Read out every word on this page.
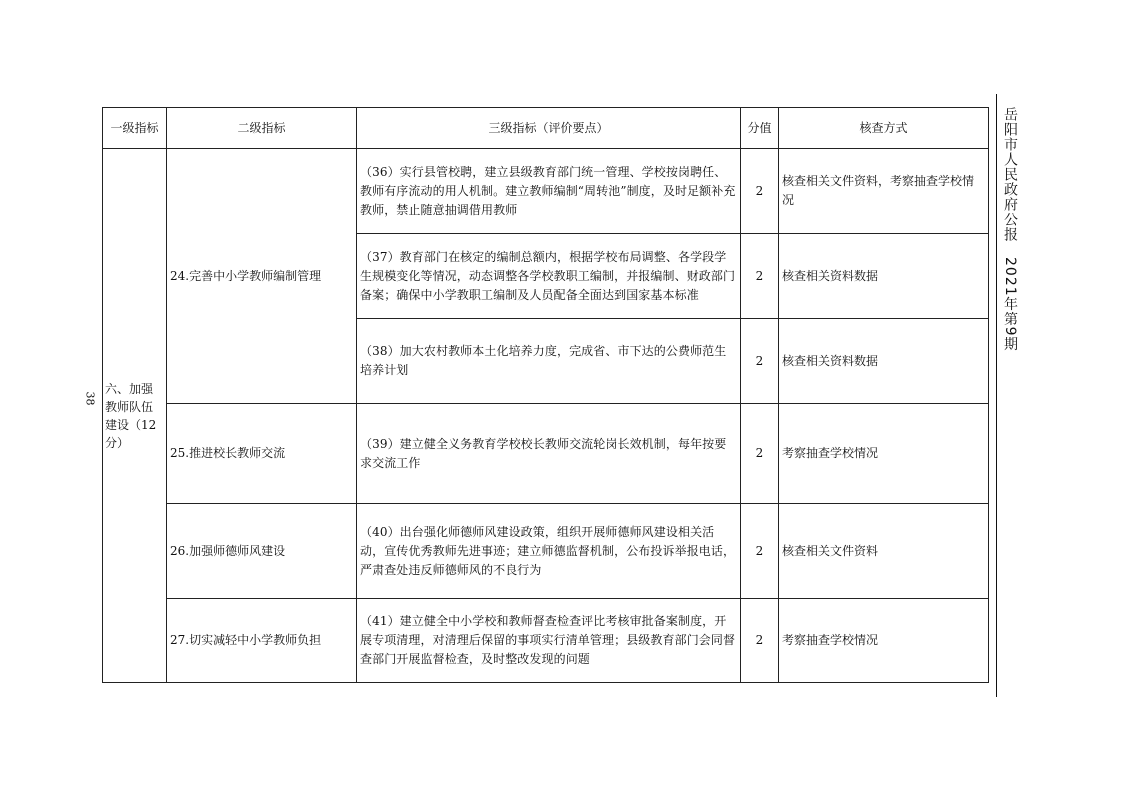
38
一级指标	二级指标	三级指标（评价要点）	分值	核查方式
六、加强教师队伍建设（12分）	24.完善中小学教师编制管理	（36）实行县管校聘，建立县级教育部门统一管理、学校按岗聘任、教师有序流动的用人机制。建立教师编制“周转池”制度，及时足额补充教师，禁止随意抽调借用教师	2	核查相关文件资料，考察抽查学校情况
		（37）教育部门在核定的编制总额内，根据学校布局调整、各学段学生规模变化等情况，动态调整各学校教职工编制，并报编制、财政部门备案；确保中小学教职工编制及人员配备全面达到国家基本标准	2	核查相关资料数据
		（38）加大农村教师本土化培养力度，完成省、市下达的公费师范生培养计划	2	核查相关资料数据
	25.推进校长教师交流	（39）建立健全义务教育学校校长教师交流轮岗长效机制，每年按要求交流工作	2	考察抽查学校情况
	26.加强师德师风建设	（40）出台强化师德师风建设政策，组织开展师德师风建设相关活动，宣传优秀教师先进事迹；建立师德监督机制，公布投诉举报电话，严肃查处违反师德师风的不良行为	2	核查相关文件资料
	27.切实减轻中小学教师负担	（41）建立健全中小学校和教师督查检查评比考核审批备案制度，开展专项清理，对清理后保留的事项实行清单管理；县级教育部门会同督查部门开展监督检查，及时整改发现的问题	2	考察抽查学校情况
岳阳市人民政府公报　2021年第9期
